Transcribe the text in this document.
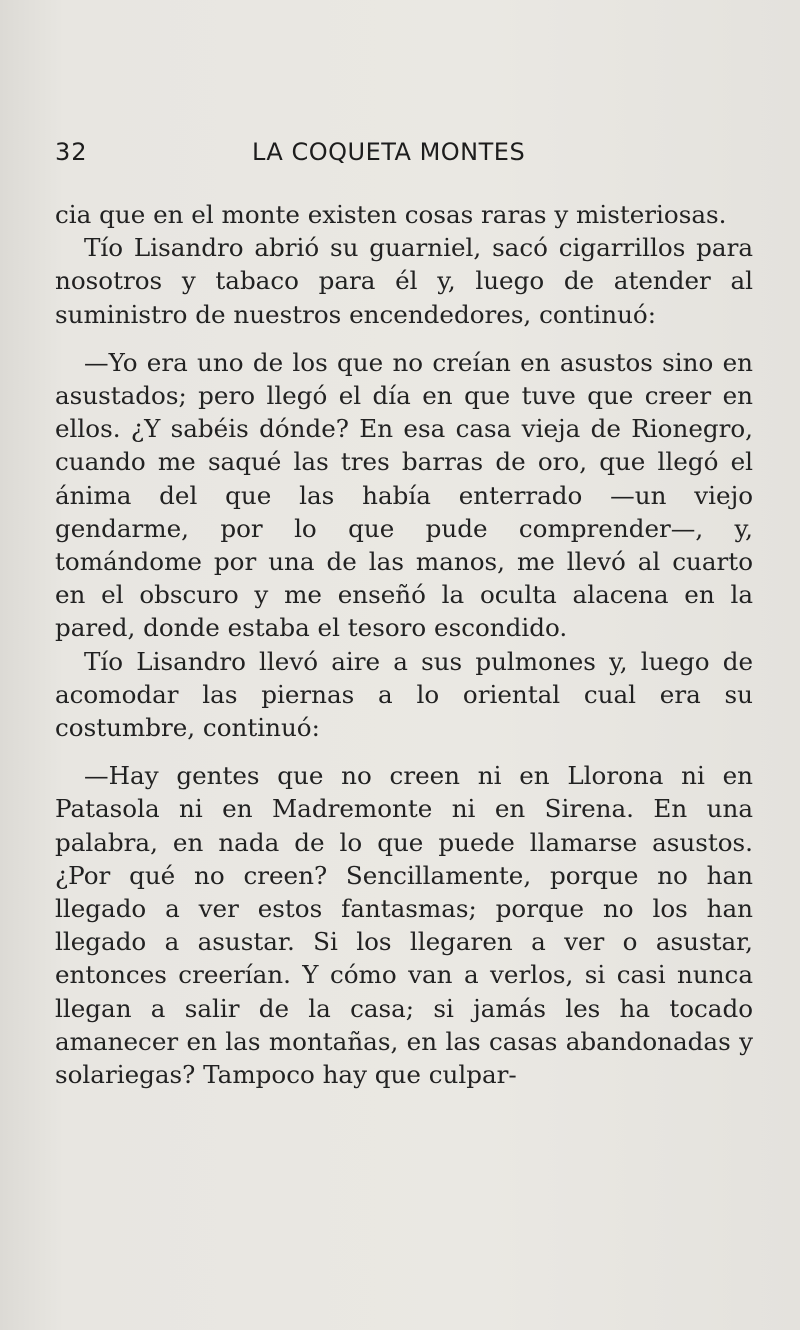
32	LA COQUETA MONTES

cia que en el monte existen cosas raras y misteriosas.

Tío Lisandro abrió su guarniel, sacó cigarrillos para nosotros y tabaco para él y, luego de atender al suministro de nuestros encendedores, continuó:

—Yo era uno de los que no creían en asustos sino en asustados; pero llegó el día en que tuve que creer en ellos. ¿Y sabéis dónde? En esa casa vieja de Rionegro, cuando me saqué las tres barras de oro, que llegó el ánima del que las había enterrado —un viejo gendarme, por lo que pude comprender—, y, tomándome por una de las manos, me llevó al cuarto en el obscuro y me enseñó la oculta alacena en la pared, donde estaba el tesoro escondido.

Tío Lisandro llevó aire a sus pulmones y, luego de acomodar las piernas a lo oriental cual era su costumbre, continuó:

—Hay gentes que no creen ni en Llorona ni en Patasola ni en Madremonte ni en Sirena. En una palabra, en nada de lo que puede llamarse asustos. ¿Por qué no creen? Sencillamente, porque no han llegado a ver estos fantasmas; porque no los han llegado a asustar. Si los llegaren a ver o asustar, entonces creerían. Y cómo van a verlos, si casi nunca llegan a salir de la casa; si jamás les ha tocado amanecer en las montañas, en las casas abandonadas y solariegas? Tampoco hay que culpar-
